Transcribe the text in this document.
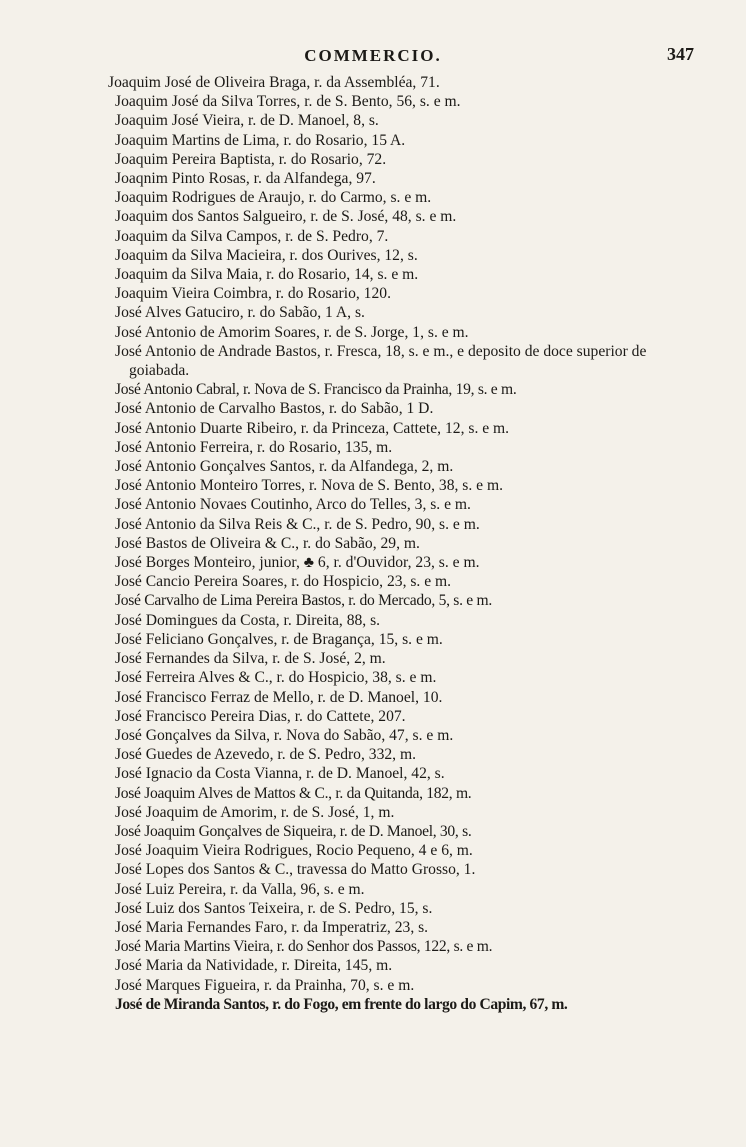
COMMERCIO.	347
Joaquim José de Oliveira Braga, r. da Assembléa, 71.
Joaquim José da Silva Torres, r. de S. Bento, 56, s. e m.
Joaquim José Vieira, r. de D. Manoel, 8, s.
Joaquim Martins de Lima, r. do Rosario, 15 A.
Joaquim Pereira Baptista, r. do Rosario, 72.
Joaqnim Pinto Rosas, r. da Alfandega, 97.
Joaquim Rodrigues de Araujo, r. do Carmo, s. e m.
Joaquim dos Santos Salgueiro, r. de S. José, 48, s. e m.
Joaquim da Silva Campos, r. de S. Pedro, 7.
Joaquim da Silva Macieira, r. dos Ourives, 12, s.
Joaquim da Silva Maia, r. do Rosario, 14, s. e m.
Joaquim Vieira Coimbra, r. do Rosario, 120.
José Alves Gatuciro, r. do Sabão, 1 A, s.
José Antonio de Amorim Soares, r. de S. Jorge, 1, s. e m.
José Antonio de Andrade Bastos, r. Fresca, 18, s. e m., e deposito de doce superior de goiabada.
José Antonio Cabral, r. Nova de S. Francisco da Prainha, 19, s. e m.
José Antonio de Carvalho Bastos, r. do Sabão, 1 D.
José Antonio Duarte Ribeiro, r. da Princeza, Cattete, 12, s. e m.
José Antonio Ferreira, r. do Rosario, 135, m.
José Antonio Gonçalves Santos, r. da Alfandega, 2, m.
José Antonio Monteiro Torres, r. Nova de S. Bento, 38, s. e m.
José Antonio Novaes Coutinho, Arco do Telles, 3, s. e m.
José Antonio da Silva Reis & C., r. de S. Pedro, 90, s. e m.
José Bastos de Oliveira & C., r. do Sabão, 29, m.
José Borges Monteiro, junior, ♣ 6, r. d'Ouvidor, 23, s. e m.
José Cancio Pereira Soares, r. do Hospicio, 23, s. e m.
José Carvalho de Lima Pereira Bastos, r. do Mercado, 5, s. e m.
José Domingues da Costa, r. Direita, 88, s.
José Feliciano Gonçalves, r. de Bragança, 15, s. e m.
José Fernandes da Silva, r. de S. José, 2, m.
José Ferreira Alves & C., r. do Hospicio, 38, s. e m.
José Francisco Ferraz de Mello, r. de D. Manoel, 10.
José Francisco Pereira Dias, r. do Cattete, 207.
José Gonçalves da Silva, r. Nova do Sabão, 47, s. e m.
José Guedes de Azevedo, r. de S. Pedro, 332, m.
José Ignacio da Costa Vianna, r. de D. Manoel, 42, s.
José Joaquim Alves de Mattos & C., r. da Quitanda, 182, m.
José Joaquim de Amorim, r. de S. José, 1, m.
José Joaquim Gonçalves de Siqueira, r. de D. Manoel, 30, s.
José Joaquim Vieira Rodrigues, Rocio Pequeno, 4 e 6, m.
José Lopes dos Santos & C., travessa do Matto Grosso, 1.
José Luiz Pereira, r. da Valla, 96, s. e m.
José Luiz dos Santos Teixeira, r. de S. Pedro, 15, s.
José Maria Fernandes Faro, r. da Imperatriz, 23, s.
José Maria Martins Vieira, r. do Senhor dos Passos, 122, s. e m.
José Maria da Natividade, r. Direita, 145, m.
José Marques Figueira, r. da Prainha, 70, s. e m.
José de Miranda Santos, r. do Fogo, em frente do largo do Capim, 67, m.
